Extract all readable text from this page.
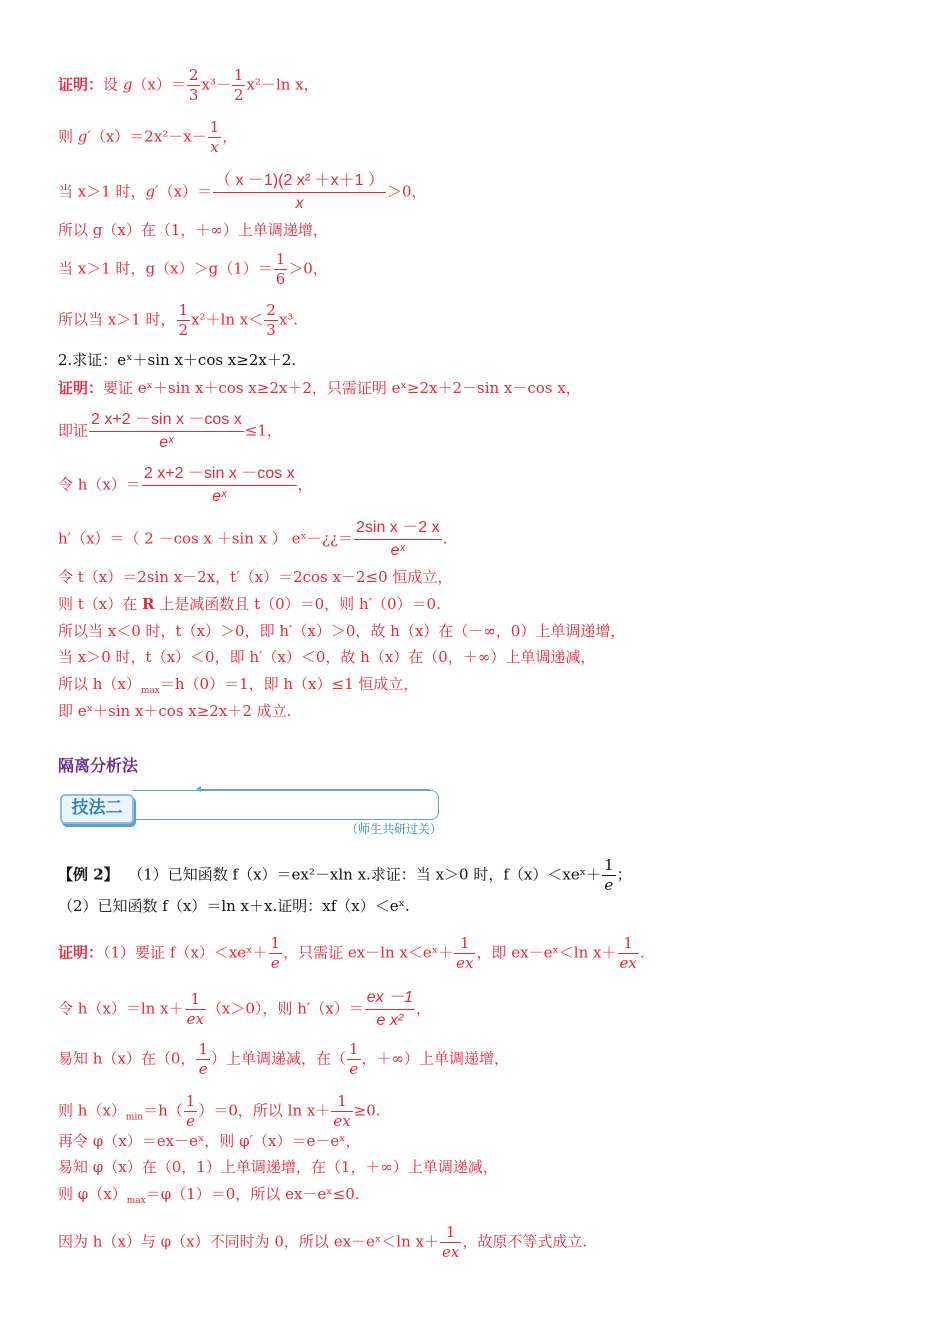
证明：设 $g(x)= \frac{2}{3} x^3- \frac{1}{2} x^2-\ln$ x，
则 $g'(x)=2x^2-x- \frac{1}{x}$ ，
当 x＞1 时，$g'(x)= \frac{\text{（ x －1)(2 x² ＋x＋1 ）}}{x} >0$，
所以 g（x）在（1，＋∞）上单调递增，
当 x＞1 时，$g(x)>g(1)= \frac{1}{6} >0$，
所以当 x＞1 时， $\frac{1}{2} x^2+\ln$ $x< \frac{2}{3} x^3$.
2.求证：eˣ＋sin x＋cos x≥2x＋2.
证明：要证 eˣ＋sin x＋cos x≥2x＋2，只需证明 eˣ≥2x＋2－sin x－cos x，
即证 $\frac{\text{2 x+2 －sin x －cos x}}{\text{eˣ}} \le 1$，
令 $h(x)= \frac{\text{2 x+2 －sin x －cos x}}{\text{eˣ}}$ ，
h′（x）＝（ 2 －cos x ＋sin x ） eˣ－¿¿＝ $\frac{\text{2sin x －2 x}}{\text{eˣ}}$ .
令 t（x）＝2sin x－2x，t′（x）＝2cos x－2≤0 恒成立，
则 t（x）在 R 上是减函数且 t（0）＝0，则 h′（0）＝0.
所以当 x＜0 时，t（x）＞0，即 h′（x）＞0，故 h（x）在（－∞，0）上单调递增，
当 x＞0 时，t（x）＜0，即 h′（x）＜0，故 h（x）在（0，＋∞）上单调递减，
所以 $h(x)_{max}=h(0)=1$，即 h（x）≤1 恒成立，
即 eˣ＋sin x＋cos x≥2x＋2 成立.
隔离分析法
技法二
（师生共研过关）
【例 2】 （1）已知函数 f（x）＝ex²－xln x.求证：当 x＞0 时，f（x）＜xeˣ＋ $\frac{1}{e}$ ；
（2）已知函数 f（x）＝ln x＋x.证明：xf（x）＜eˣ.
证明：（1）要证 f（x）＜xeˣ＋ $\frac{1}{e}$ ，只需证 ex－ln x＜eˣ＋ $\frac{1}{ex}$ ，即 ex－eˣ＜ln $x+ \frac{1}{ex}$ .
令 h（x）＝ln $x+ \frac{1}{ex} (x>0)$，则 $h'(x)= \frac{ex -1}{\text{e x²}}$ ，
易知 h（x）在（0， $\frac{1}{e}$ ）上单调递减，在（ $\frac{1}{e}$ ，＋∞）上单调递增，
则 $h(x)_{min}=h( \frac{1}{e} )=0$，所以 $\ln x+ \frac{1}{ex} \ge 0$.
再令 φ（x）＝ex－eˣ，则 φ′（x）＝e－eˣ，
易知 φ（x）在（0，1）上单调递增，在（1，＋∞）上单调递减，
则 $\varphi(x)_{max}=\varphi(1)=0$，所以 ex－eˣ≤0.
因为 h（x）与 φ（x）不同时为 0，所以 ex－eˣ＜ln $x+ \frac{1}{ex}$ ，故原不等式成立.
